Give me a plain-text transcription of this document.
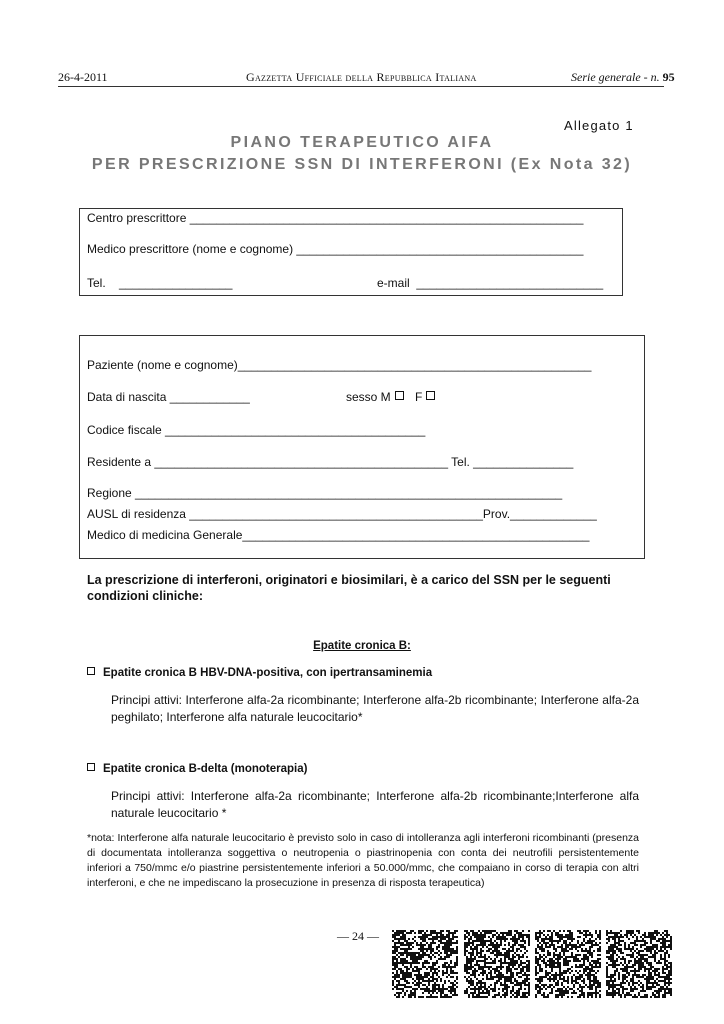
26-4-2011	Gazzetta Ufficiale della Repubblica Italiana	Serie generale - n. 95
Allegato 1
PIANO TERAPEUTICO AIFA
PER PRESCRIZIONE SSN DI INTERFERONI (Ex Nota 32)
Centro prescrittore ___________________________________________________________
Medico prescrittore (nome e cognome) ___________________________________________
Tel.    _________________	e-mail  ____________________________
Paziente (nome e cognome)_____________________________________________________
Data di nascita ____________	sesso M F
Codice fiscale _______________________________________
Residente a ____________________________________________ Tel. _______________
Regione ________________________________________________________________
AUSL di residenza ____________________________________________Prov._____________
Medico di medicina Generale____________________________________________________
La prescrizione di interferoni, originatori e biosimilari, è a carico del SSN per le seguenti condizioni cliniche:
Epatite cronica B:
Epatite cronica B HBV-DNA-positiva, con ipertransaminemia
Principi attivi: Interferone alfa-2a ricombinante; Interferone alfa-2b ricombinante; Interferone alfa-2a peghilato; Interferone alfa naturale leucocitario*
Epatite cronica B-delta (monoterapia)
Principi attivi: Interferone alfa-2a ricombinante; Interferone alfa-2b ricombinante;Interferone alfa naturale leucocitario *
*nota: Interferone alfa naturale leucocitario è previsto solo in caso di intolleranza agli interferoni ricombinanti (presenza di documentata intolleranza soggettiva o neutropenia o piastrinopenia con conta dei neutrofili persistentemente inferiori a 750/mmc e/o piastrine persistentemente inferiori a 50.000/mmc, che compaiano in corso di terapia con altri interferoni, e che ne impediscano la prosecuzione in presenza di risposta terapeutica)
— 24 —
